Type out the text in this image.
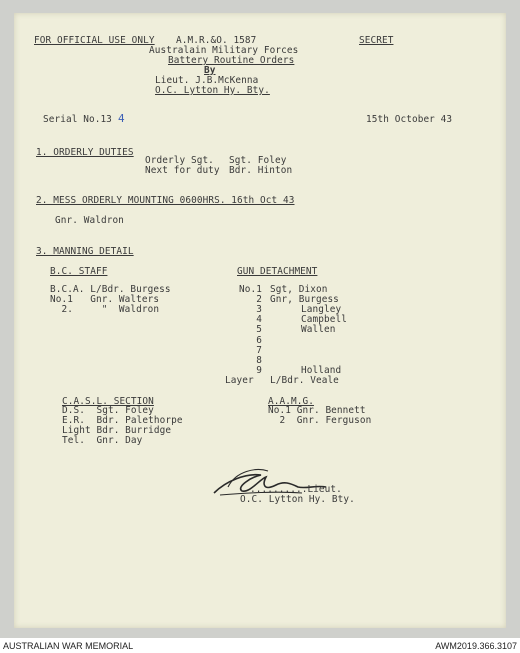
FOR OFFICIAL USE ONLY A.M.R.&O. 1587	SECRET
Australain Military Forces
Battery Routine Orders
By
Lieut. J.B.McKenna
O.C. Lytton Hy. Bty.
Serial No.13 4	15th October 43
1. ORDERLY DUTIES
Orderly Sgt. Sgt. Foley
Next for duty Bdr. Hinton
2. MESS ORDERLY MOUNTING 0600HRS. 16th Oct 43
Gnr. Waldron
3. MANNING DETAIL
B.C. STAFF
B.C.A. L/Bdr. Burgess
No.1   Gnr. Walters
2.     "  Waldron
GUN DETACHMENT
No.1 Sgt, Dixon
2 Gnr, Burgess
3	Langley
4	Campbell
5	Wallen
6
7
8
9	Holland
Layer L/Bdr. Veale
C.A.S.L. SECTION
D.S.  Sgt. Foley
E.R.  Bdr. Palethorpe
Light Bdr. Burridge
Tel.  Gnr. Day
A.A.M.G.
No.1 Gnr. Bennett
2  Gnr. Ferguson
..........Lieut.
O.C. Lytton Hy. Bty.
AUSTRALIAN WAR MEMORIAL	AWM2019.366.3107
